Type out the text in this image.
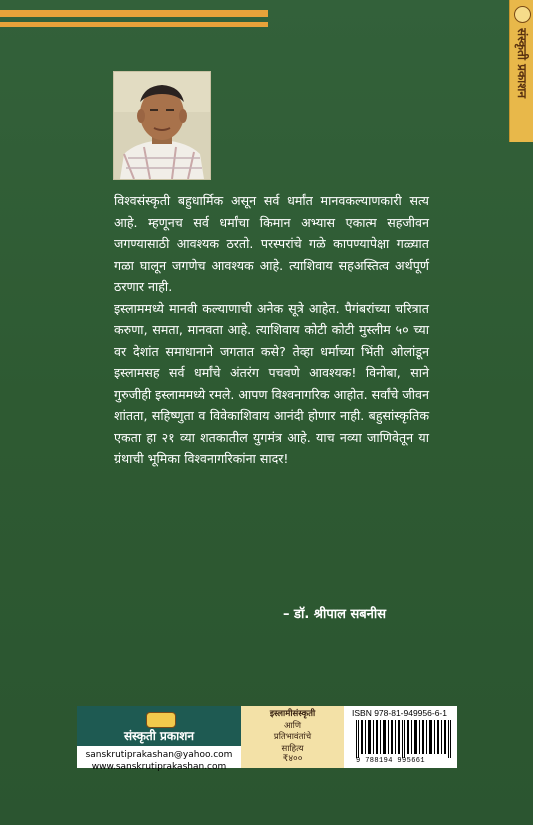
संस्कृती प्रकाशन

विश्वसंस्कृती बहुधार्मिक असून सर्व धर्मांत मानवकल्याणकारी सत्य आहे. म्हणूनच सर्व धर्मांचा किमान अभ्यास एकात्म सहजीवन जगण्यासाठी आवश्यक ठरतो. परस्परांचे गळे कापण्यापेक्षा गळ्यात गळा घालून जगणेच आवश्यक आहे. त्याशिवाय सहअस्तित्व अर्थपूर्ण ठरणार नाही.

इस्लाममध्ये मानवी कल्याणाची अनेक सूत्रे आहेत. पैगंबरांच्या चरित्रात करुणा, समता, मानवता आहे. त्याशिवाय कोटी कोटी मुस्लीम ५० च्या वर देशांत समाधानाने जगतात कसे? तेव्हा धर्माच्या भिंती ओलांडून इस्लामसह सर्व धर्मांचे अंतरंग पचवणे आवश्यक! विनोबा, साने गुरुजीही इस्लाममध्ये रमले. आपण विश्वनागरिक आहोत. सर्वांचे जीवन शांतता, सहिष्णुता व विवेकाशिवाय आनंदी होणार नाही. बहुसांस्कृतिक एकता हा २१ व्या शतकातील युगमंत्र आहे. याच नव्या जाणिवेतून या ग्रंथाची भूमिका विश्वनागरिकांना सादर!

– डॉ. श्रीपाल सबनीस
संस्कृती प्रकाशन
sanskrutiprakashan@yahoo.com
www.sanskrutiprakashan.com
इस्लामीसंस्कृती
आणि
प्रतिभावंतांचे
साहित्य
₹४००
ISBN 978-81-949956-6-1
9 788194 995661
